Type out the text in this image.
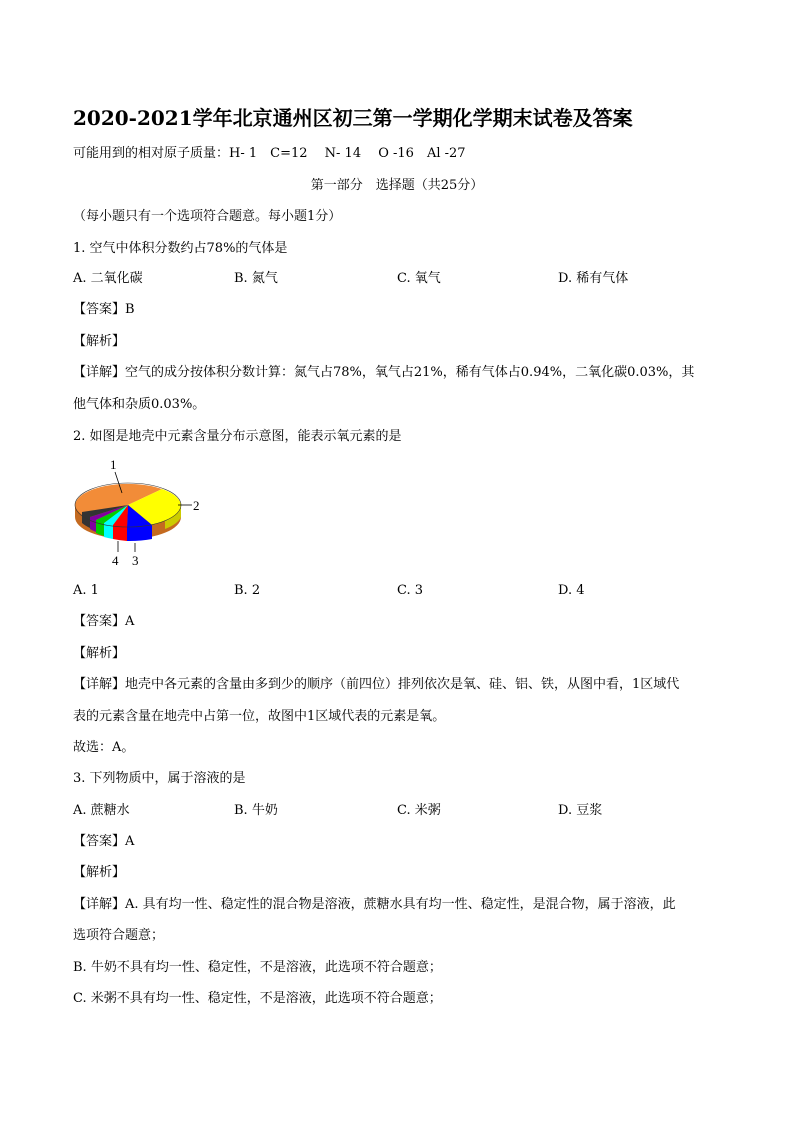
2020-2021学年北京通州区初三第一学期化学期末试卷及答案
可能用到的相对原子质量：H- 1　C=12　 N- 14　 O -16　Al -27
第一部分　选择题（共25分）
（每小题只有一个选项符合题意。每小题1分）
1. 空气中体积分数约占78%的气体是
A. 二氧化碳	B. 氮气	C. 氧气	D. 稀有气体
【答案】B
【解析】
【详解】空气的成分按体积分数计算：氮气占78%，氧气占21%，稀有气体占0.94%，二氧化碳0.03%，其
他气体和杂质0.03%。
2. 如图是地壳中元素含量分布示意图，能表示氧元素的是
1
2
3
4
A. 1	B. 2	C. 3	D. 4
【答案】A
【解析】
【详解】地壳中各元素的含量由多到少的顺序（前四位）排列依次是氧、硅、铝、铁，从图中看，1区域代
表的元素含量在地壳中占第一位，故图中1区域代表的元素是氧。
故选：A。
3. 下列物质中，属于溶液的是
A. 蔗糖水	B. 牛奶	C. 米粥	D. 豆浆
【答案】A
【解析】
【详解】A. 具有均一性、稳定性的混合物是溶液，蔗糖水具有均一性、稳定性，是混合物，属于溶液，此
选项符合题意；
B. 牛奶不具有均一性、稳定性，不是溶液，此选项不符合题意；
C. 米粥不具有均一性、稳定性，不是溶液，此选项不符合题意；
